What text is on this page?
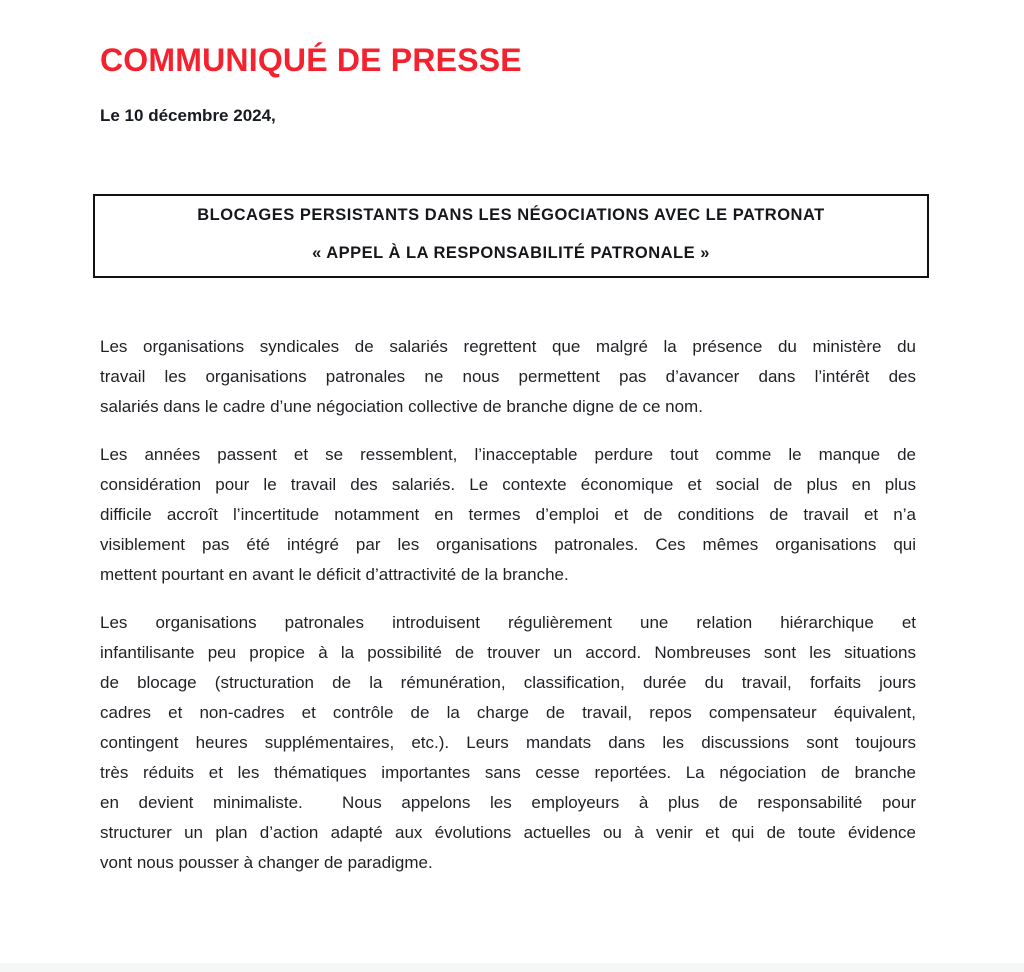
COMMUNIQUÉ DE PRESSE
Le 10 décembre 2024,
BLOCAGES PERSISTANTS DANS LES NÉGOCIATIONS AVEC LE PATRONAT
« APPEL À LA RESPONSABILITÉ PATRONALE »
Les organisations syndicales de salariés regrettent que malgré la présence du ministère du
travail les organisations patronales ne nous permettent pas d’avancer dans l’intérêt des
salariés dans le cadre d’une négociation collective de branche digne de ce nom.
Les années passent et se ressemblent, l’inacceptable perdure tout comme le manque de
considération pour le travail des salariés. Le contexte économique et social de plus en plus
difficile accroît l’incertitude notamment en termes d’emploi et de conditions de travail et n’a
visiblement pas été intégré par les organisations patronales. Ces mêmes organisations qui
mettent pourtant en avant le déficit d’attractivité de la branche.
Les organisations patronales introduisent régulièrement une relation hiérarchique et
infantilisante peu propice à la possibilité de trouver un accord. Nombreuses sont les situations
de blocage (structuration de la rémunération, classification, durée du travail, forfaits jours
cadres et non-cadres et contrôle de la charge de travail, repos compensateur équivalent,
contingent heures supplémentaires, etc.). Leurs mandats dans les discussions sont toujours
très réduits et les thématiques importantes sans cesse reportées. La négociation de branche
en devient minimaliste.  Nous appelons les employeurs à plus de responsabilité pour
structurer un plan d’action adapté aux évolutions actuelles ou à venir et qui de toute évidence
vont nous pousser à changer de paradigme.
